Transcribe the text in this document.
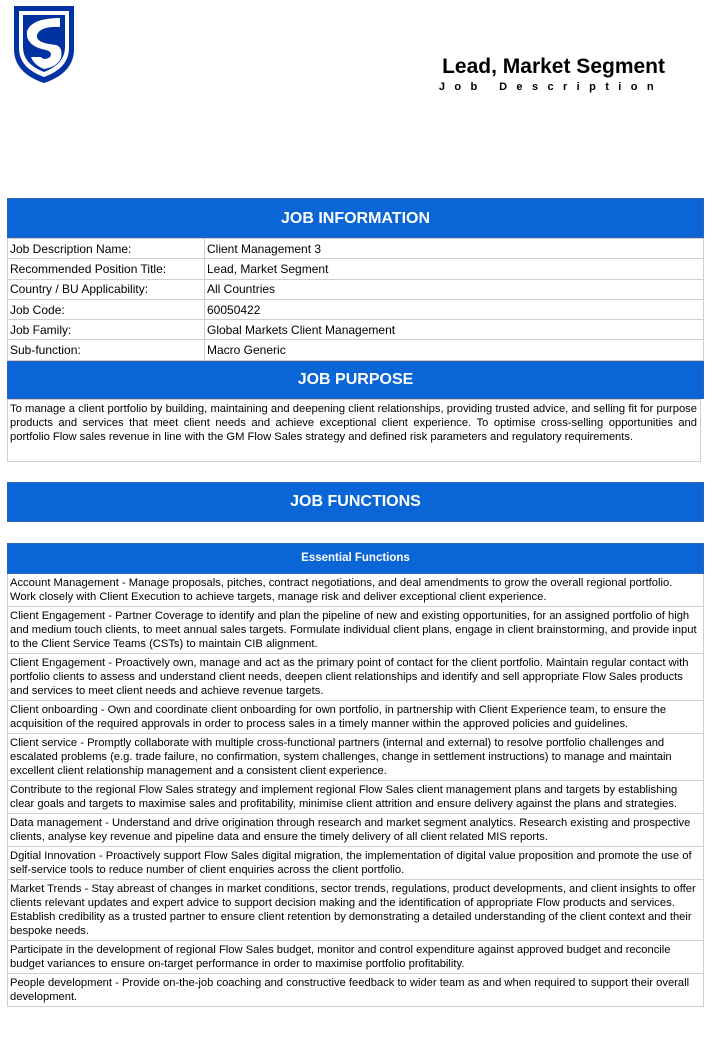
Lead, Market Segment
Job Description
JOB INFORMATION
Job Description Name:	Client Management 3
Recommended Position Title:	Lead, Market Segment
Country / BU Applicability:	All Countries
Job Code:	60050422
Job Family:	Global Markets Client Management
Sub-function:	Macro Generic
JOB PURPOSE
To manage a client portfolio by building, maintaining and deepening client relationships, providing trusted advice, and selling fit for purpose products and services that meet client needs and achieve exceptional client experience. To optimise cross-selling opportunities and portfolio Flow sales revenue in line with the GM Flow Sales strategy and defined risk parameters and regulatory requirements.
JOB FUNCTIONS
Essential Functions
Account Management - Manage proposals, pitches, contract negotiations, and deal amendments to grow the overall regional portfolio. Work closely with Client Execution to achieve targets, manage risk and deliver exceptional client experience.
Client Engagement - Partner Coverage to identify and plan the pipeline of new and existing opportunities, for an assigned portfolio of high and medium touch clients, to meet annual sales targets. Formulate individual client plans, engage in client brainstorming, and provide input to the Client Service Teams (CSTs) to maintain CIB alignment.
Client Engagement - Proactively own, manage and act as the primary point of contact for the client portfolio. Maintain regular contact with portfolio clients to assess and understand client needs, deepen client relationships and identify and sell appropriate Flow Sales products and services to meet client needs and achieve revenue targets.
Client onboarding - Own and coordinate client onboarding for own portfolio, in partnership with Client Experience team, to ensure the acquisition of the required approvals in order to process sales in a timely manner within the approved policies and guidelines.
Client service - Promptly collaborate with multiple cross-functional partners (internal and external) to resolve portfolio challenges and escalated problems (e.g. trade failure, no confirmation, system challenges, change in settlement instructions) to manage and maintain excellent client relationship management and a consistent client experience.
Contribute to the regional Flow Sales strategy and implement regional Flow Sales client management plans and targets by establishing clear goals and targets to maximise sales and profitability, minimise client attrition and ensure delivery against the plans and strategies.
Data management - Understand and drive origination through research and market segment analytics. Research existing and prospective clients, analyse key revenue and pipeline data and ensure the timely delivery of all client related MIS reports.
Dgitial Innovation - Proactively support Flow Sales digital migration, the implementation of digital value proposition and promote the use of self-service tools to reduce number of client enquiries across the client portfolio.
Market Trends - Stay abreast of changes in market conditions, sector trends, regulations, product developments, and client insights to offer clients relevant updates and expert advice to support decision making and the identification of appropriate Flow products and services. Establish credibility as a trusted partner to ensure client retention by demonstrating a detailed understanding of the client context and their bespoke needs.
Participate in the development of regional Flow Sales budget, monitor and control expenditure against approved budget and reconcile budget variances to ensure on-target performance in order to maximise portfolio profitability.
People development - Provide on-the-job coaching and constructive feedback to wider team as and when required to support their overall development.
